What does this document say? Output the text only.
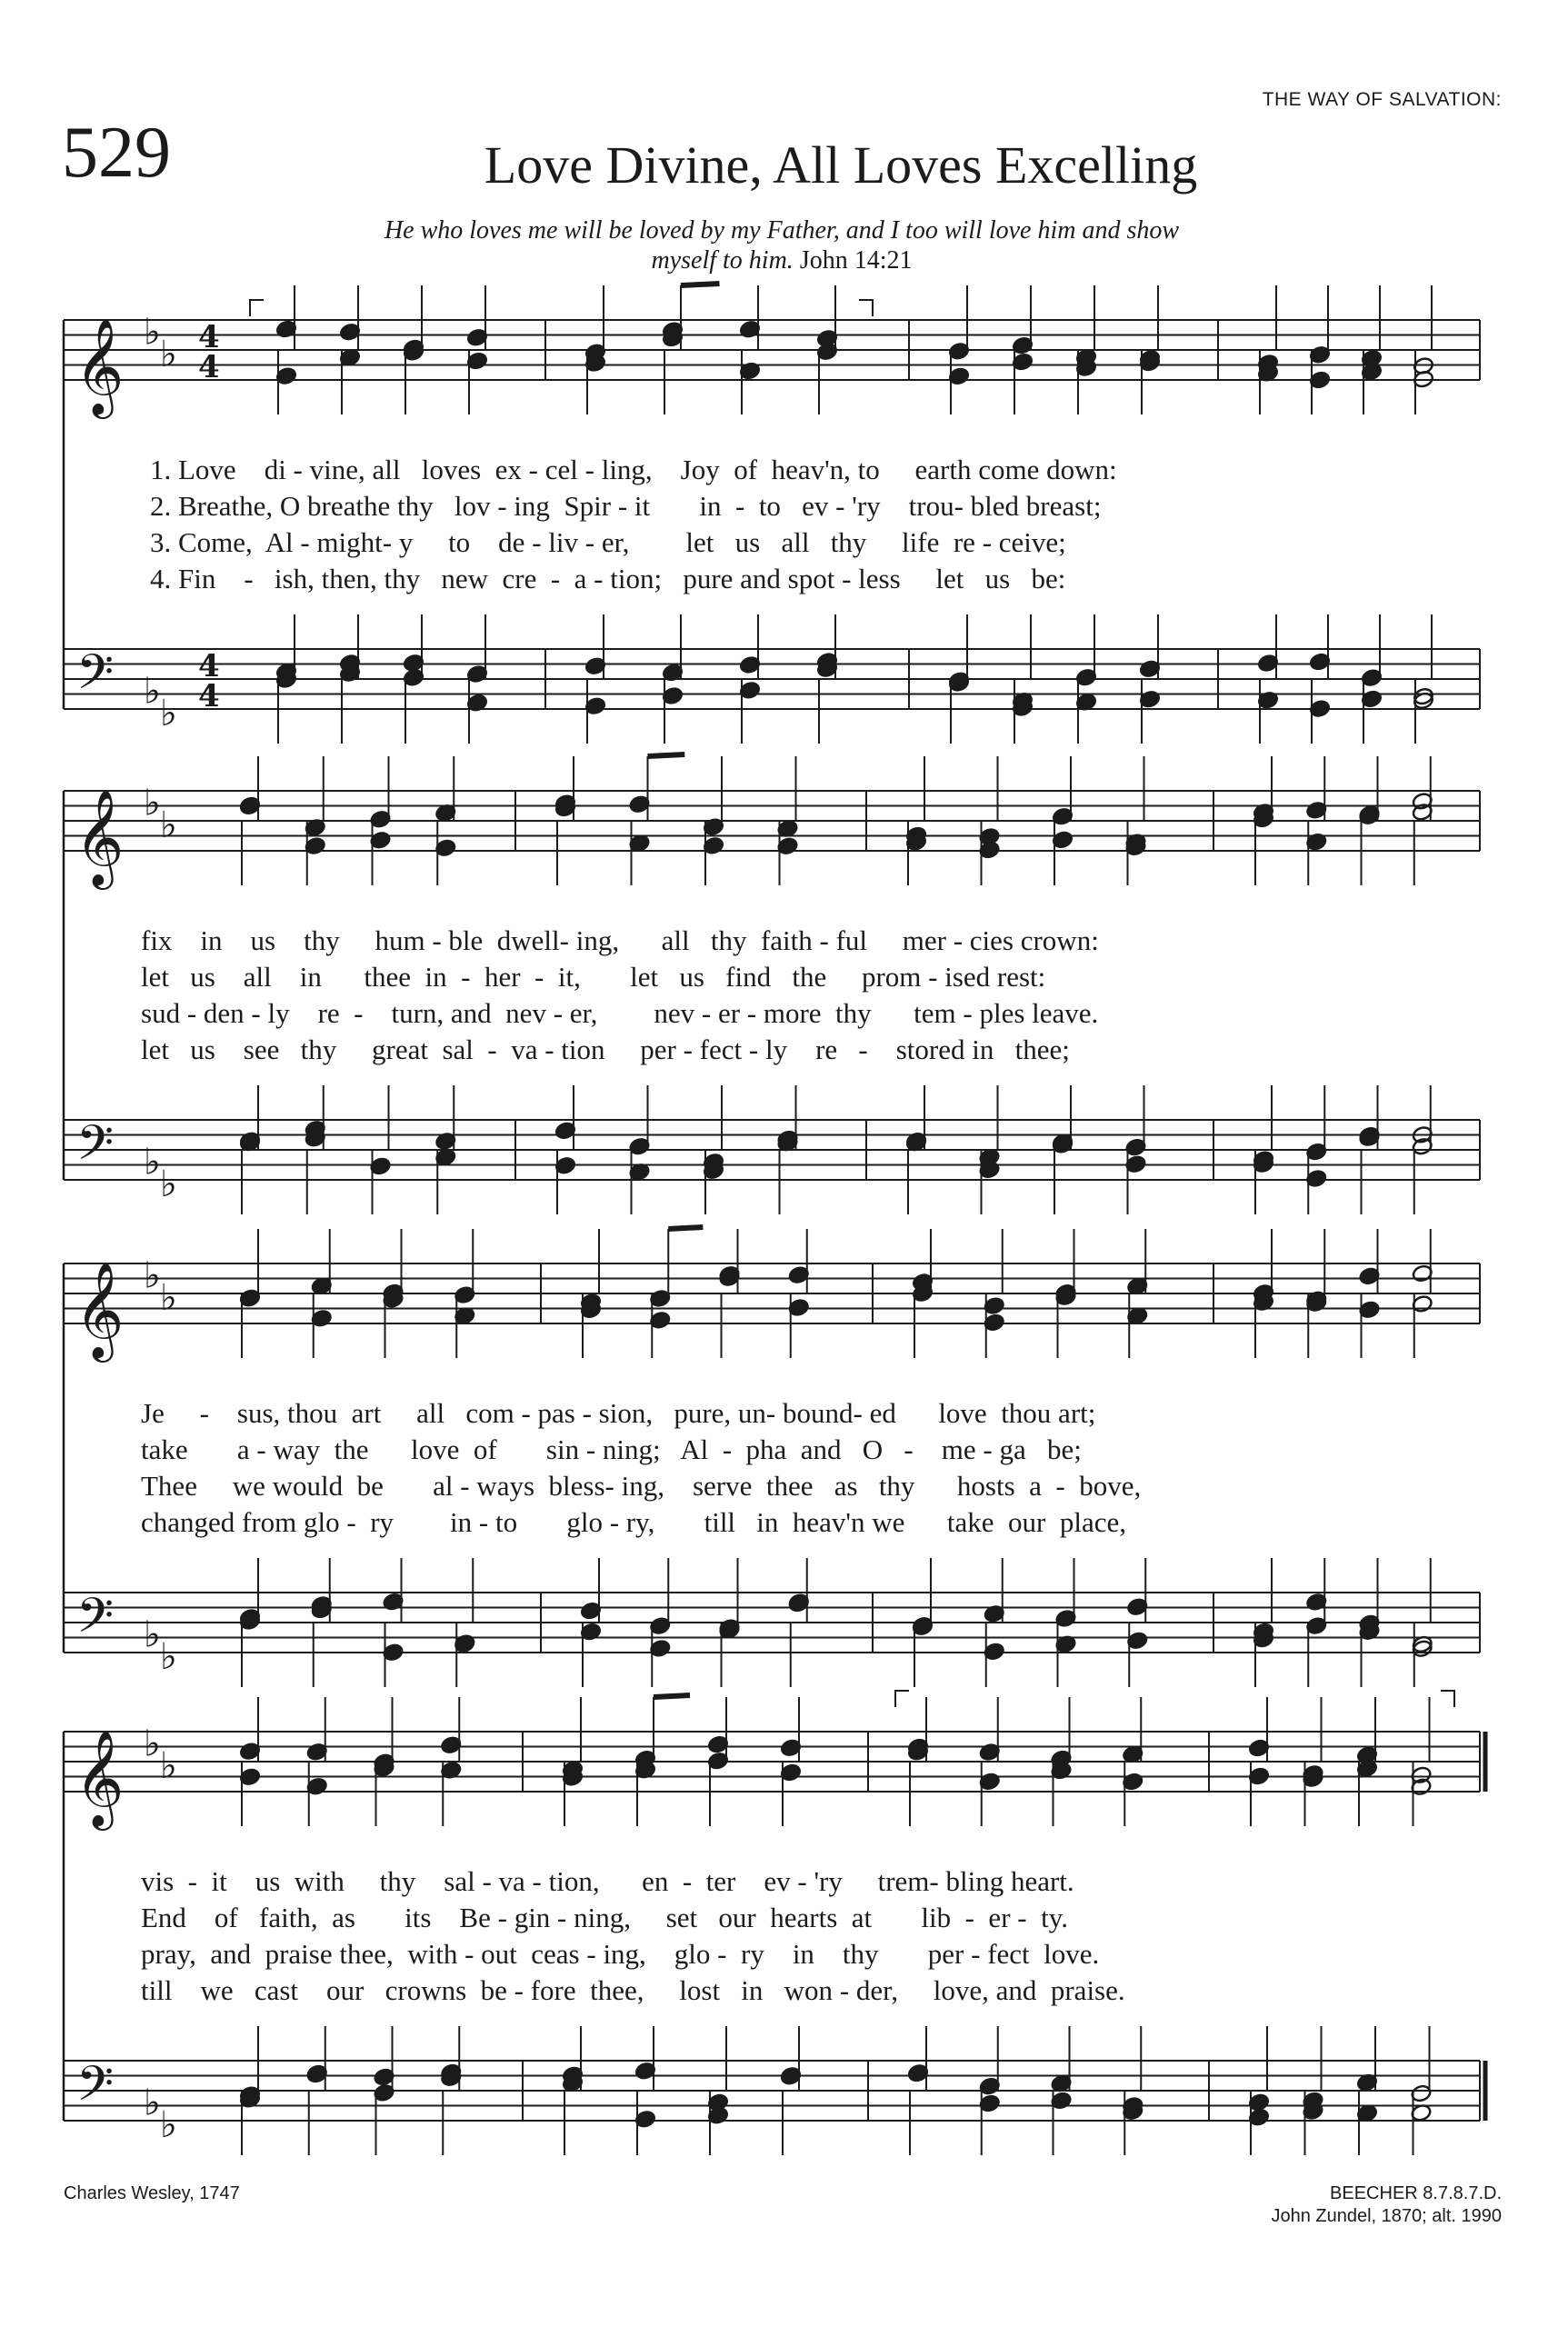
THE WAY OF SALVATION:
529	Love Divine, All Loves Excelling
He who loves me will be loved by my Father, and I too will love him and show
myself to him. John 14:21
𝄞
𝄢
♭
♭
♭
♭
4
4
4
4
𝄞
𝄢
♭
♭
♭
♭
𝄞
𝄢
♭
♭
♭
♭
𝄞
𝄢
♭
♭
♭
♭
1. Love    di - vine, all   loves  ex - cel - ling,    Joy  of  heav'n, to     earth come down:
2. Breathe, O breathe thy   lov - ing  Spir - it       in  -  to   ev - 'ry    trou- bled breast;
3. Come,  Al - might- y     to    de - liv - er,        let   us   all   thy     life  re - ceive;
4. Fin    -   ish, then, thy   new  cre  -  a - tion;   pure and spot - less     let   us   be:
fix    in    us    thy     hum - ble  dwell- ing,      all   thy  faith - ful     mer - cies crown:
let   us    all    in      thee  in  -  her  -  it,       let   us   find   the     prom - ised rest:
sud - den - ly    re  -    turn, and  nev - er,        nev - er - more  thy      tem - ples leave.
let   us    see   thy     great  sal  -  va - tion     per - fect - ly    re   -    stored in   thee;
Je     -    sus, thou  art     all   com - pas - sion,   pure, un- bound- ed      love  thou art;
take       a - way  the      love  of       sin - ning;   Al  -  pha  and   O   -    me - ga   be;
Thee     we would  be       al - ways  bless- ing,    serve  thee   as   thy      hosts  a  -  bove,
changed from glo -  ry        in - to       glo - ry,       till   in  heav'n we      take  our  place,
vis  -  it    us  with     thy    sal - va - tion,      en  -  ter    ev - 'ry     trem- bling heart.
End    of   faith,  as       its    Be - gin - ning,     set   our  hearts  at       lib  -  er -  ty.
pray,  and  praise thee,  with - out  ceas - ing,    glo -  ry    in    thy       per - fect  love.
till    we   cast    our   crowns  be - fore  thee,     lost   in   won - der,     love, and  praise.
Charles Wesley, 1747	BEECHER 8.7.8.7.D.
John Zundel, 1870; alt. 1990
